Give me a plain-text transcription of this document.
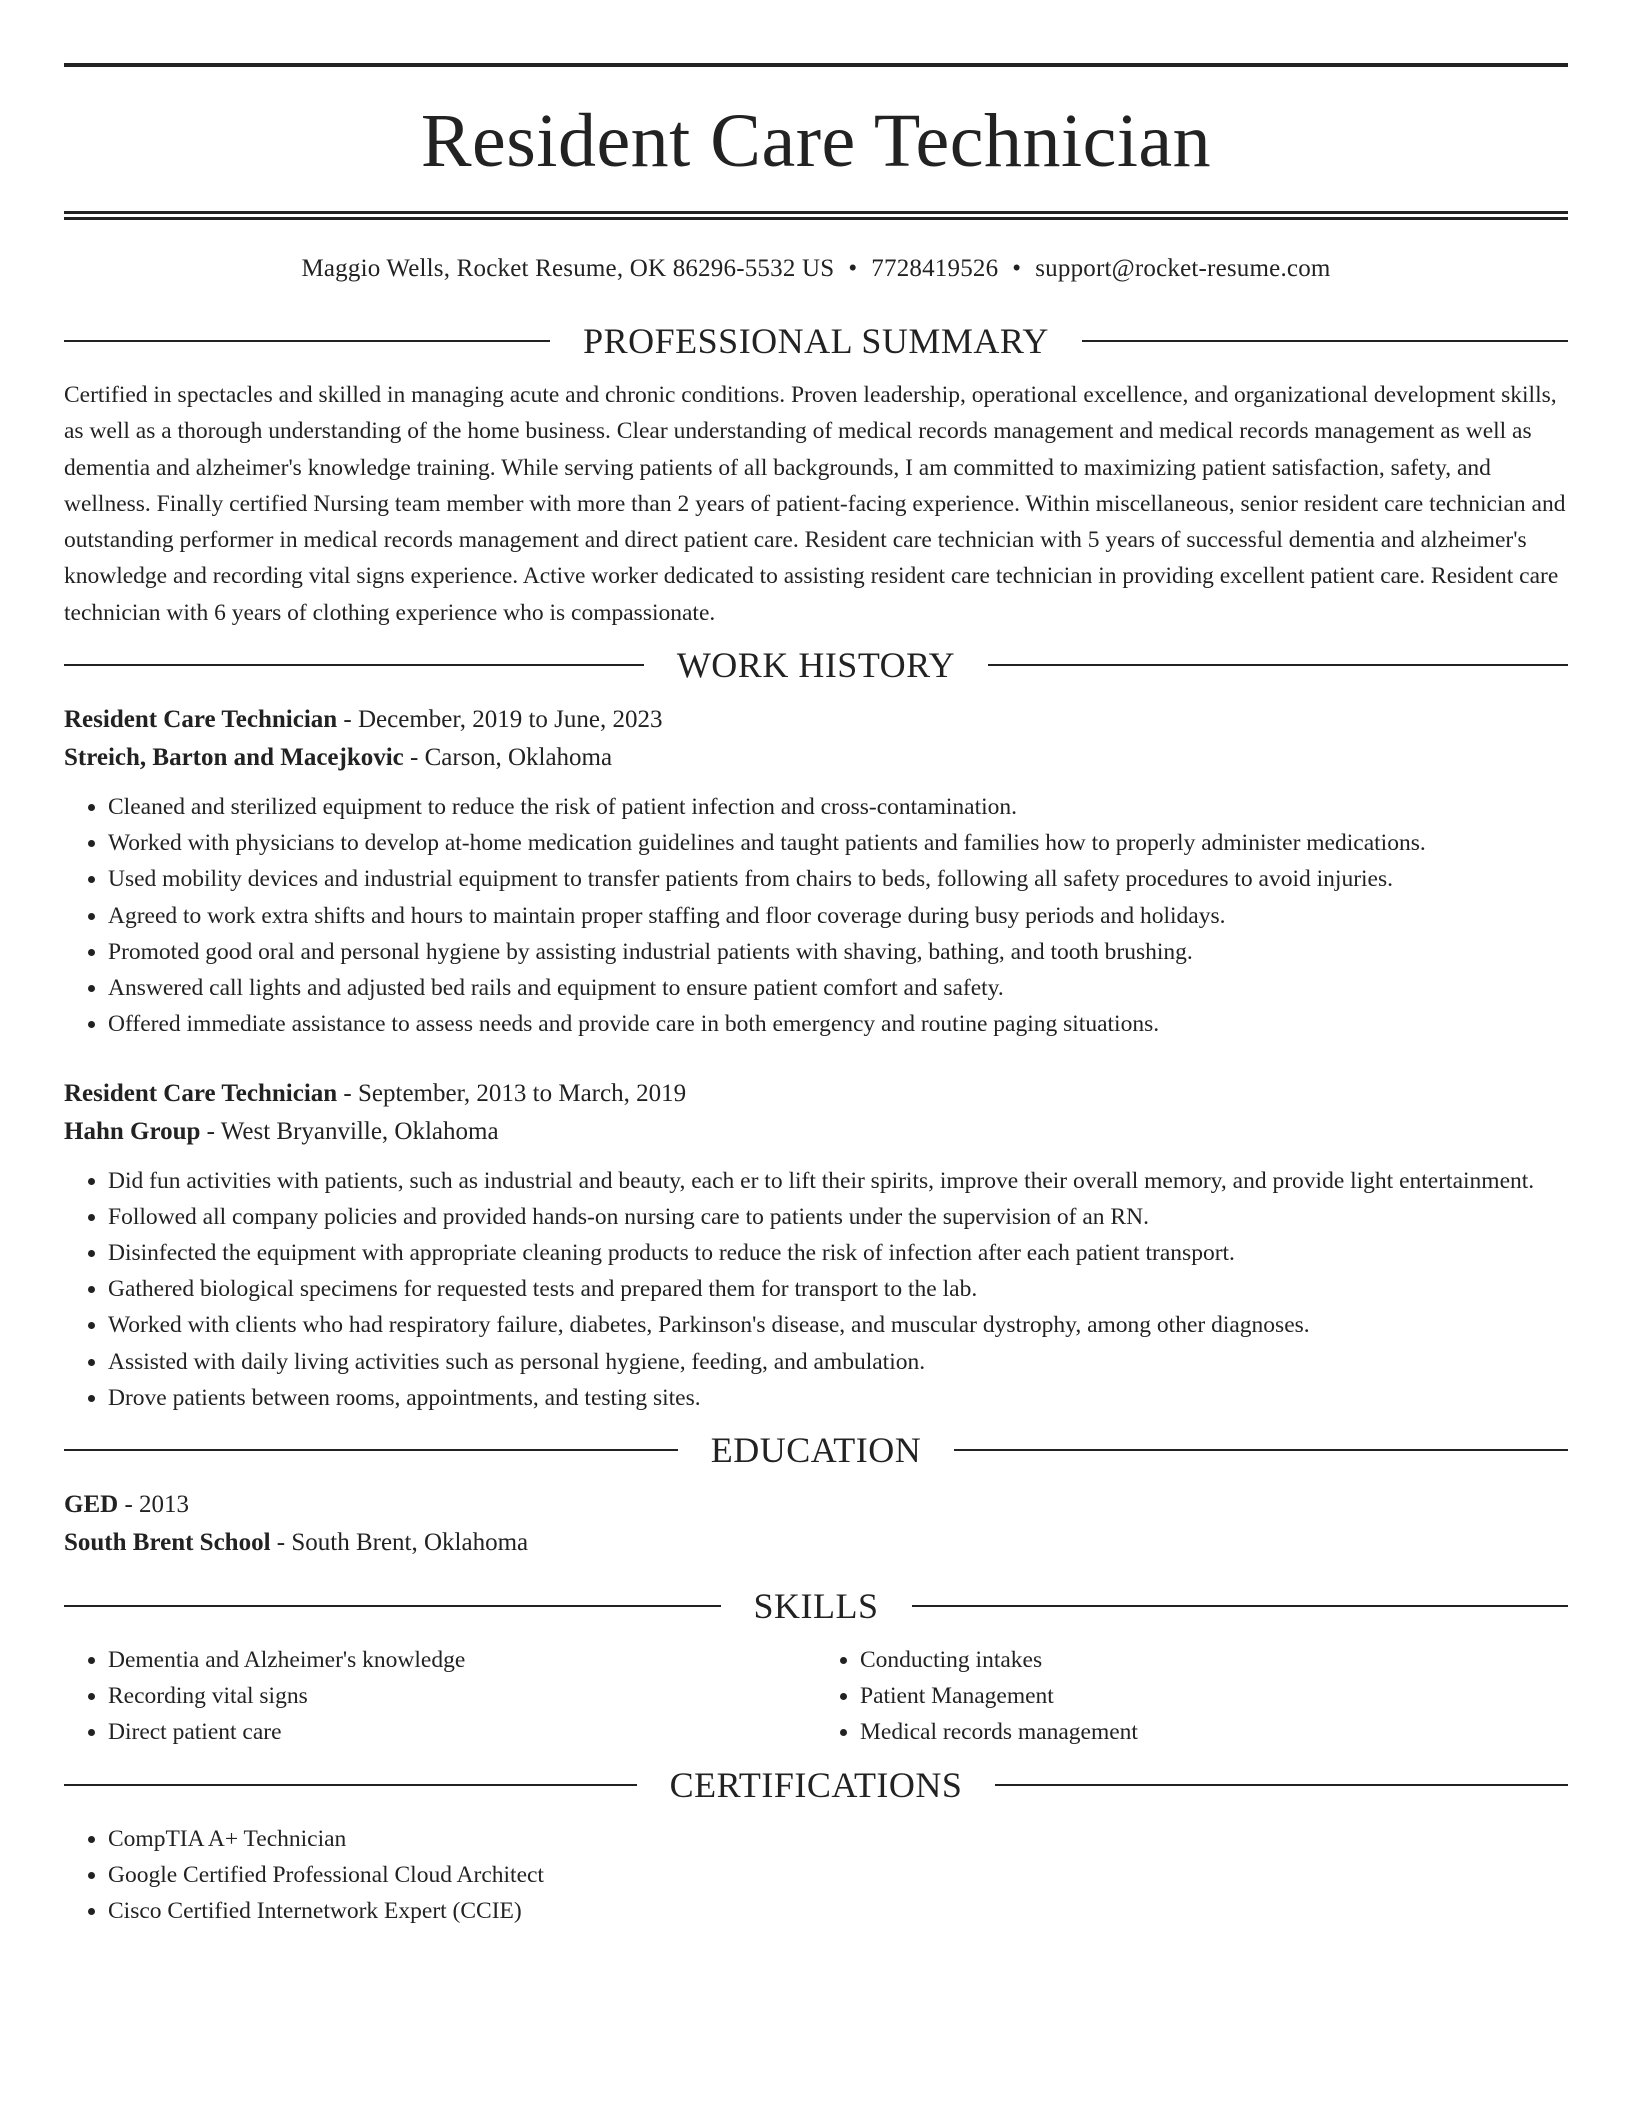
Resident Care Technician
Maggio Wells, Rocket Resume, OK 86296-5532 US • 7728419526 • support@rocket-resume.com
PROFESSIONAL SUMMARY

Certified in spectacles and skilled in managing acute and chronic conditions. Proven leadership, operational excellence, and organizational development skills, as well as a thorough understanding of the home business. Clear understanding of medical records management and medical records management as well as dementia and alzheimer's knowledge training. While serving patients of all backgrounds, I am committed to maximizing patient satisfaction, safety, and wellness. Finally certified Nursing team member with more than 2 years of patient-facing experience. Within miscellaneous, senior resident care technician and outstanding performer in medical records management and direct patient care. Resident care technician with 5 years of successful dementia and alzheimer's knowledge and recording vital signs experience. Active worker dedicated to assisting resident care technician in providing excellent patient care. Resident care technician with 6 years of clothing experience who is compassionate.

WORK HISTORY
Resident Care Technician - December, 2019 to June, 2023
Streich, Barton and Macejkovic - Carson, Oklahoma
• Cleaned and sterilized equipment to reduce the risk of patient infection and cross-contamination.
• Worked with physicians to develop at-home medication guidelines and taught patients and families how to properly administer medications.
• Used mobility devices and industrial equipment to transfer patients from chairs to beds, following all safety procedures to avoid injuries.
• Agreed to work extra shifts and hours to maintain proper staffing and floor coverage during busy periods and holidays.
• Promoted good oral and personal hygiene by assisting industrial patients with shaving, bathing, and tooth brushing.
• Answered call lights and adjusted bed rails and equipment to ensure patient comfort and safety.
• Offered immediate assistance to assess needs and provide care in both emergency and routine paging situations.
Resident Care Technician - September, 2013 to March, 2019
Hahn Group - West Bryanville, Oklahoma
• Did fun activities with patients, such as industrial and beauty, each er to lift their spirits, improve their overall memory, and provide light entertainment.
• Followed all company policies and provided hands-on nursing care to patients under the supervision of an RN.
• Disinfected the equipment with appropriate cleaning products to reduce the risk of infection after each patient transport.
• Gathered biological specimens for requested tests and prepared them for transport to the lab.
• Worked with clients who had respiratory failure, diabetes, Parkinson's disease, and muscular dystrophy, among other diagnoses.
• Assisted with daily living activities such as personal hygiene, feeding, and ambulation.
• Drove patients between rooms, appointments, and testing sites.
EDUCATION
GED - 2013
South Brent School - South Brent, Oklahoma
SKILLS
• Dementia and Alzheimer's knowledge
• Recording vital signs
• Direct patient care
• Conducting intakes
• Patient Management
• Medical records management
CERTIFICATIONS
• CompTIA A+ Technician
• Google Certified Professional Cloud Architect
• Cisco Certified Internetwork Expert (CCIE)
